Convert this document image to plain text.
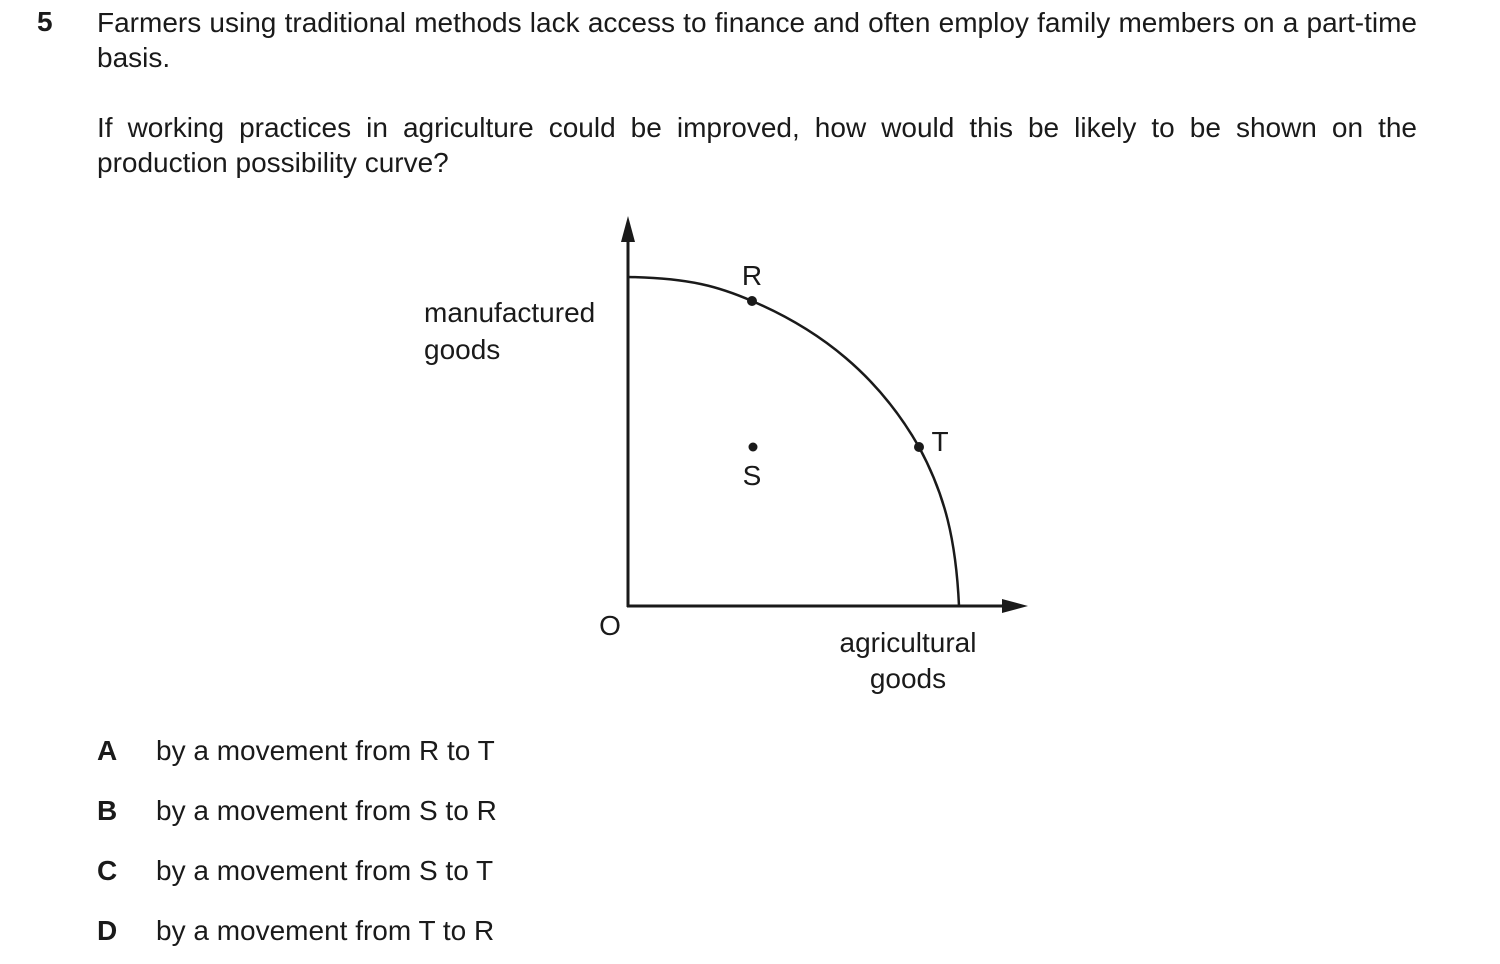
5 Farmers using traditional methods lack access to finance and often employ family members on a part-time basis.
If working practices in agriculture could be improved, how would this be likely to be shown on the production possibility curve?
R
S
T
manufactured
goods
agricultural
goods
O
A by a movement from R to T
B by a movement from S to R
C by a movement from S to T
D by a movement from T to R
